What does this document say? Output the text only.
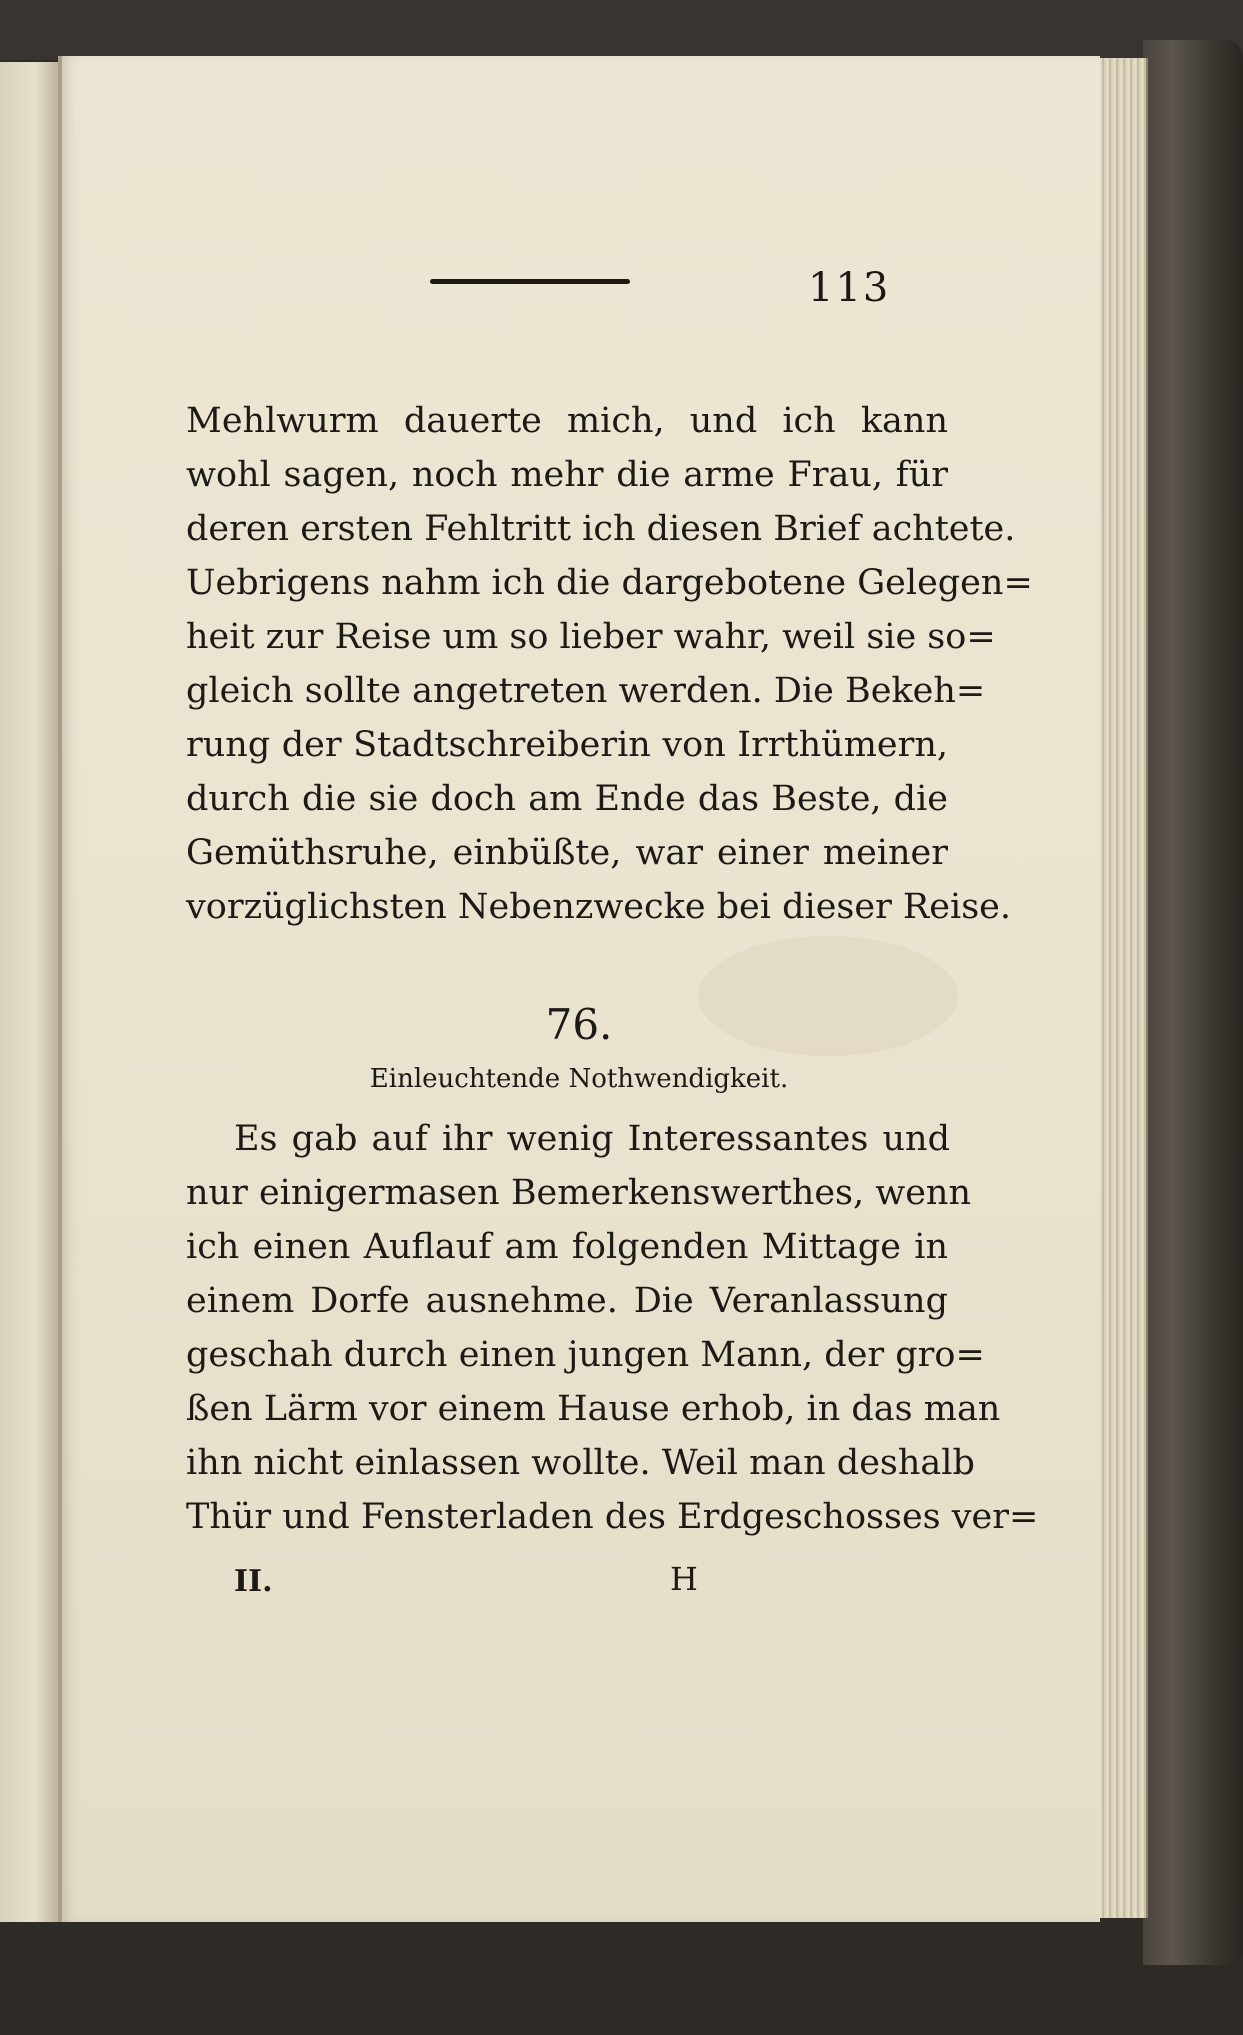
113
Mehlwurm dauerte mich, und ich kann
wohl sagen, noch mehr die arme Frau, für
deren ersten Fehltritt ich diesen Brief achtete.
Uebrigens nahm ich die dargebotene Gelegen=
heit zur Reise um so lieber wahr, weil sie so=
gleich sollte angetreten werden. Die Bekeh=
rung der Stadtschreiberin von Irrthümern,
durch die sie doch am Ende das Beste, die
Gemüthsruhe, einbüßte, war einer meiner
vorzüglichsten Nebenzwecke bei dieser Reise.
76.
Einleuchtende Nothwendigkeit.
Es gab auf ihr wenig Interessantes und
nur einigermasen Bemerkenswerthes, wenn
ich einen Auflauf am folgenden Mittage in
einem Dorfe ausnehme. Die Veranlassung
geschah durch einen jungen Mann, der gro=
ßen Lärm vor einem Hause erhob, in das man
ihn nicht einlassen wollte. Weil man deshalb
Thür und Fensterladen des Erdgeschosses ver=
II.	H
